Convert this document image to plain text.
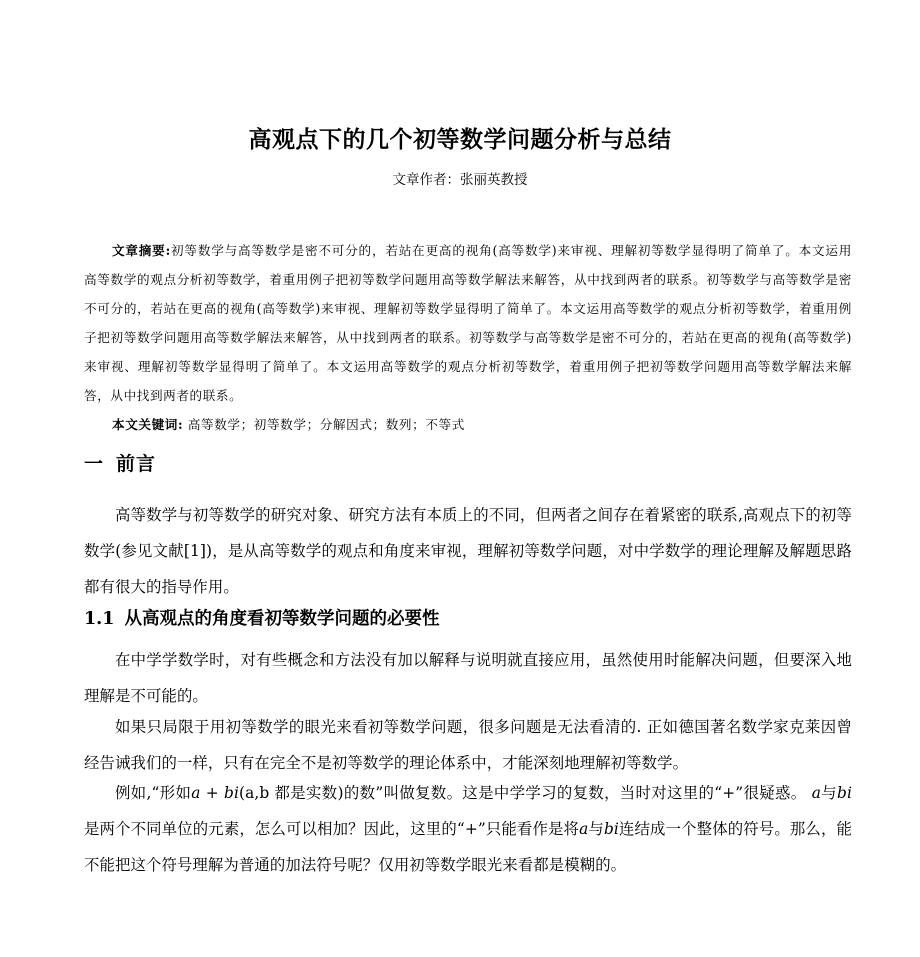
高观点下的几个初等数学问题分析与总结
文章作者：张丽英教授
文章摘要:初等数学与高等数学是密不可分的，若站在更高的视角(高等数学)来审视、理解初等数学显得明了简单了。本文运用高等数学的观点分析初等数学，着重用例子把初等数学问题用高等数学解法来解答，从中找到两者的联系。初等数学与高等数学是密不可分的，若站在更高的视角(高等数学)来审视、理解初等数学显得明了简单了。本文运用高等数学的观点分析初等数学，着重用例子把初等数学问题用高等数学解法来解答，从中找到两者的联系。初等数学与高等数学是密不可分的，若站在更高的视角(高等数学)来审视、理解初等数学显得明了简单了。本文运用高等数学的观点分析初等数学，着重用例子把初等数学问题用高等数学解法来解答，从中找到两者的联系。
本文关键词: 高等数学；初等数学；分解因式；数列；不等式
一 前言
高等数学与初等数学的研究对象、研究方法有本质上的不同，但两者之间存在着紧密的联系,高观点下的初等数学(参见文献[1])，是从高等数学的观点和角度来审视，理解初等数学问题，对中学数学的理论理解及解题思路都有很大的指导作用。
1.1 从高观点的角度看初等数学问题的必要性
在中学学数学时，对有些概念和方法没有加以解释与说明就直接应用，虽然使用时能解决问题，但要深入地理解是不可能的。
如果只局限于用初等数学的眼光来看初等数学问题，很多问题是无法看清的. 正如德国著名数学家克莱因曾经告诫我们的一样，只有在完全不是初等数学的理论体系中，才能深刻地理解初等数学。
例如,“形如a + bi(a,b 都是实数)的数”叫做复数。这是中学学习的复数，当时对这里的“+”很疑惑。 a与bi是两个不同单位的元素，怎么可以相加？因此，这里的“+”只能看作是将a与bi连结成一个整体的符号。那么，能不能把这个符号理解为普通的加法符号呢？仅用初等数学眼光来看都是模糊的。
